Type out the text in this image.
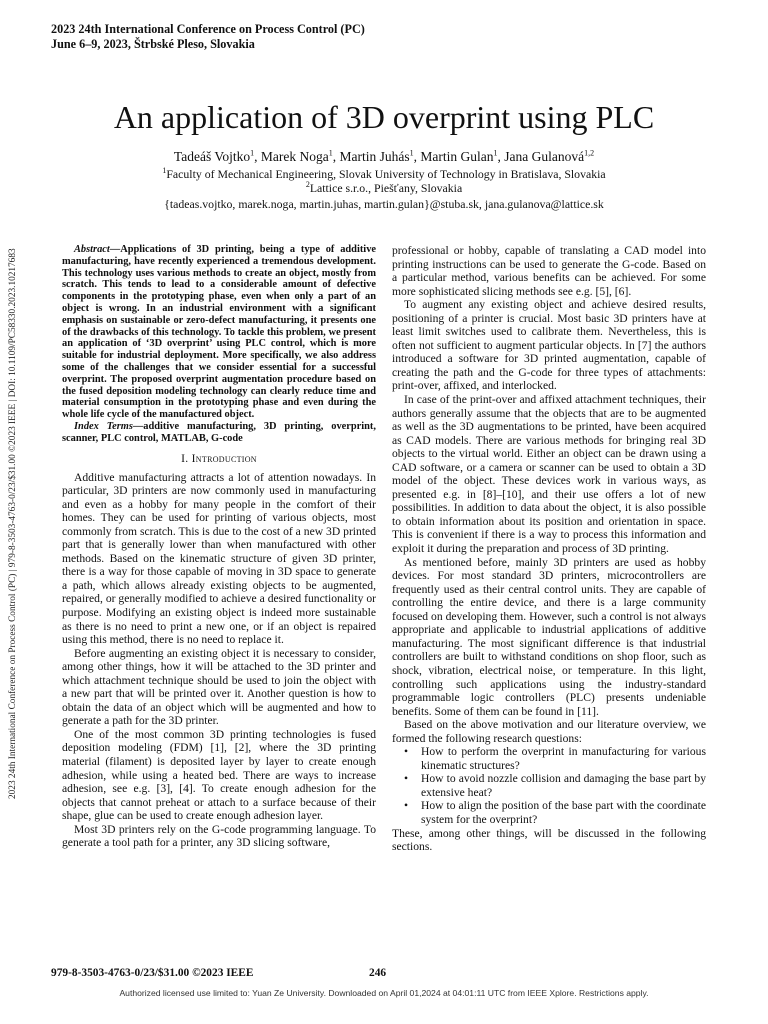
2023 24th International Conference on Process Control (PC)
June 6–9, 2023, Štrbské Pleso, Slovakia
An application of 3D overprint using PLC
Tadeáš Vojtko$^1$, Marek Noga$^1$, Martin Juhás$^1$, Martin Gulan$^1$, Jana Gulanová$^{1,2}$
$^1$Faculty of Mechanical Engineering, Slovak University of Technology in Bratislava, Slovakia
$^2$Lattice s.r.o., Piešťany, Slovakia
{tadeas.vojtko, marek.noga, martin.juhas, martin.gulan}@stuba.sk, jana.gulanova@lattice.sk
2023 24th International Conference on Process Control (PC) | 979-8-3503-4763-0/23/$31.00 ©2023 IEEE | DOI: 10.1109/PC58330.2023.10217683	Abstract—Applications of 3D printing, being a type of additive manufacturing, have recently experienced a tremendous development. This technology uses various methods to create an object, mostly from scratch. This tends to lead to a considerable amount of defective components in the prototyping phase, even when only a part of an object is wrong. In an industrial environment with a significant emphasis on sustainable or zero-defect manufacturing, it presents one of the drawbacks of this technology. To tackle this problem, we present an application of ‘3D overprint’ using PLC control, which is more suitable for industrial deployment. More specifically, we also address some of the challenges that we consider essential for a successful overprint. The proposed overprint augmentation procedure based on the fused deposition modeling technology can clearly reduce time and material consumption in the prototyping phase and even during the whole life cycle of the manufactured object.

Index Terms—additive manufacturing, 3D printing, overprint, scanner, PLC control, MATLAB, G-code

I. Introduction

Additive manufacturing attracts a lot of attention nowadays. In particular, 3D printers are now commonly used in manufacturing and even as a hobby for many people in the comfort of their homes. They can be used for printing of various objects, most commonly from scratch. This is due to the cost of a new 3D printed part that is generally lower than when manufactured with other methods. Based on the kinematic structure of given 3D printer, there is a way for those capable of moving in 3D space to generate a path, which allows already existing objects to be augmented, repaired, or generally modified to achieve a desired functionality or purpose. Modifying an existing object is indeed more sustainable as there is no need to print a new one, or if an object is repaired using this method, there is no need to replace it.

Before augmenting an existing object it is necessary to consider, among other things, how it will be attached to the 3D printer and which attachment technique should be used to join the object with a new part that will be printed over it. Another question is how to obtain the data of an object which will be augmented and how to generate a path for the 3D printer.

One of the most common 3D printing technologies is fused deposition modeling (FDM) [1], [2], where the 3D printing material (filament) is deposited layer by layer to create enough adhesion, while using a heated bed. There are ways to increase adhesion, see e.g. [3], [4]. To create enough adhesion for the objects that cannot preheat or attach to a surface because of their shape, glue can be used to create enough adhesion layer.

Most 3D printers rely on the G-code programming language. To generate a tool path for a printer, any 3D slicing software,

professional or hobby, capable of translating a CAD model into printing instructions can be used to generate the G-code. Based on a particular method, various benefits can be achieved. For some more sophisticated slicing methods see e.g. [5], [6].

To augment any existing object and achieve desired results, positioning of a printer is crucial. Most basic 3D printers have at least limit switches used to calibrate them. Nevertheless, this is often not sufficient to augment particular objects. In [7] the authors introduced a software for 3D printed augmentation, capable of creating the path and the G-code for three types of attachments: print-over, affixed, and interlocked.

In case of the print-over and affixed attachment techniques, their authors generally assume that the objects that are to be augmented as well as the 3D augmentations to be printed, have been acquired as CAD models. There are various methods for bringing real 3D objects to the virtual world. Either an object can be drawn using a CAD software, or a camera or scanner can be used to obtain a 3D model of the object. These devices work in various ways, as presented e.g. in [8]–[10], and their use offers a lot of new possibilities. In addition to data about the object, it is also possible to obtain information about its position and orientation in space. This is convenient if there is a way to process this information and exploit it during the preparation and process of 3D printing.

As mentioned before, mainly 3D printers are used as hobby devices. For most standard 3D printers, microcontrollers are frequently used as their central control units. They are capable of controlling the entire device, and there is a large community focused on developing them. However, such a control is not always appropriate and applicable to industrial applications of additive manufacturing. The most significant difference is that industrial controllers are built to withstand conditions on shop floor, such as shock, vibration, electrical noise, or temperature. In this light, controlling such applications using the industry-standard programmable logic controllers (PLC) presents undeniable benefits. Some of them can be found in [11].

Based on the above motivation and our literature overview, we formed the following research questions:

• How to perform the overprint in manufacturing for various kinematic structures?
• How to avoid nozzle collision and damaging the base part by extensive heat?
• How to align the position of the base part with the coordinate system for the overprint?

These, among other things, will be discussed in the following sections.

979-8-3503-4763-0/23/$31.00 ©2023 IEEE	246
Authorized licensed use limited to: Yuan Ze University. Downloaded on April 01,2024 at 04:01:11 UTC from IEEE Xplore. Restrictions apply.
